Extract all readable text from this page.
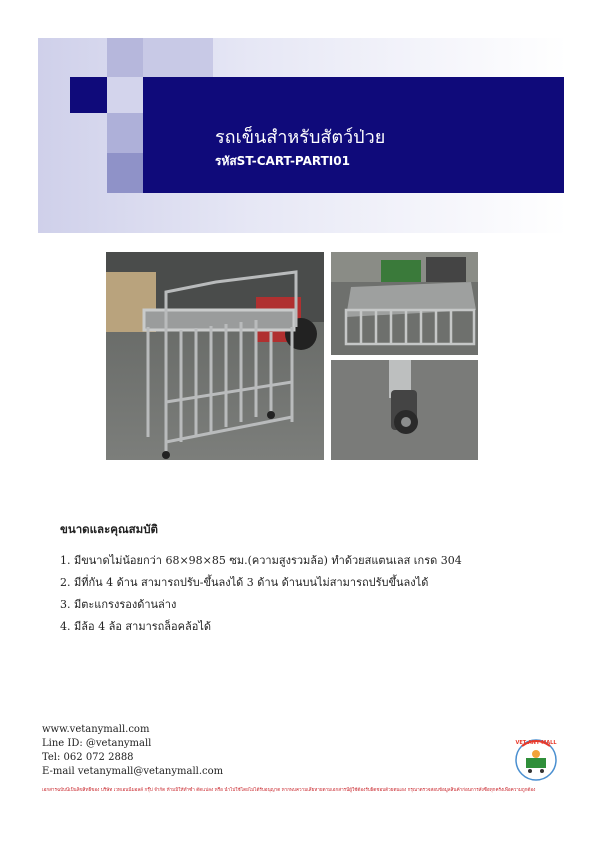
รถเข็นสำหรับสัตว์ป่วย
รหัสST-CART-PARTI01
ขนาดและคุณสมบัติ
1. มีขนาดไม่น้อยกว่า 68×98×85 ซม.(ความสูงรวมล้อ) ทำด้วยสแตนเลส เกรด 304
2. มีที่กัน 4 ด้าน สามารถปรับ-ขึ้นลงได้ 3 ด้าน ด้านบนไม่สามารถปรับขึ้นลงได้
3. มีตะแกรงรองด้านล่าง
4. มีล้อ 4 ล้อ สามารถล็อคล้อได้
www.vetanymall.com
Line ID: @vetanymall
Tel: 062 072 2888
E-mail vetanymall@vetanymall.com
VET ANY MALL
เอกสารฉบับนี้เป็นลิขสิทธิ์ของ บริษัท เวทเอนนี่มอลล์ กรุ๊ป จำกัด ห้ามมิให้ทำซ้ำ ดัดแปลง หรือ นำไปใช้โดยไม่ได้รับอนุญาต หากพบความเสียหายตามเอกสารนี้ผู้ใช้ต้องรับผิดชอบด้วยตนเอง กรุณาตรวจสอบข้อมูลสินค้าก่อนการสั่งซื้อทุกครั้งเพื่อความถูกต้อง
